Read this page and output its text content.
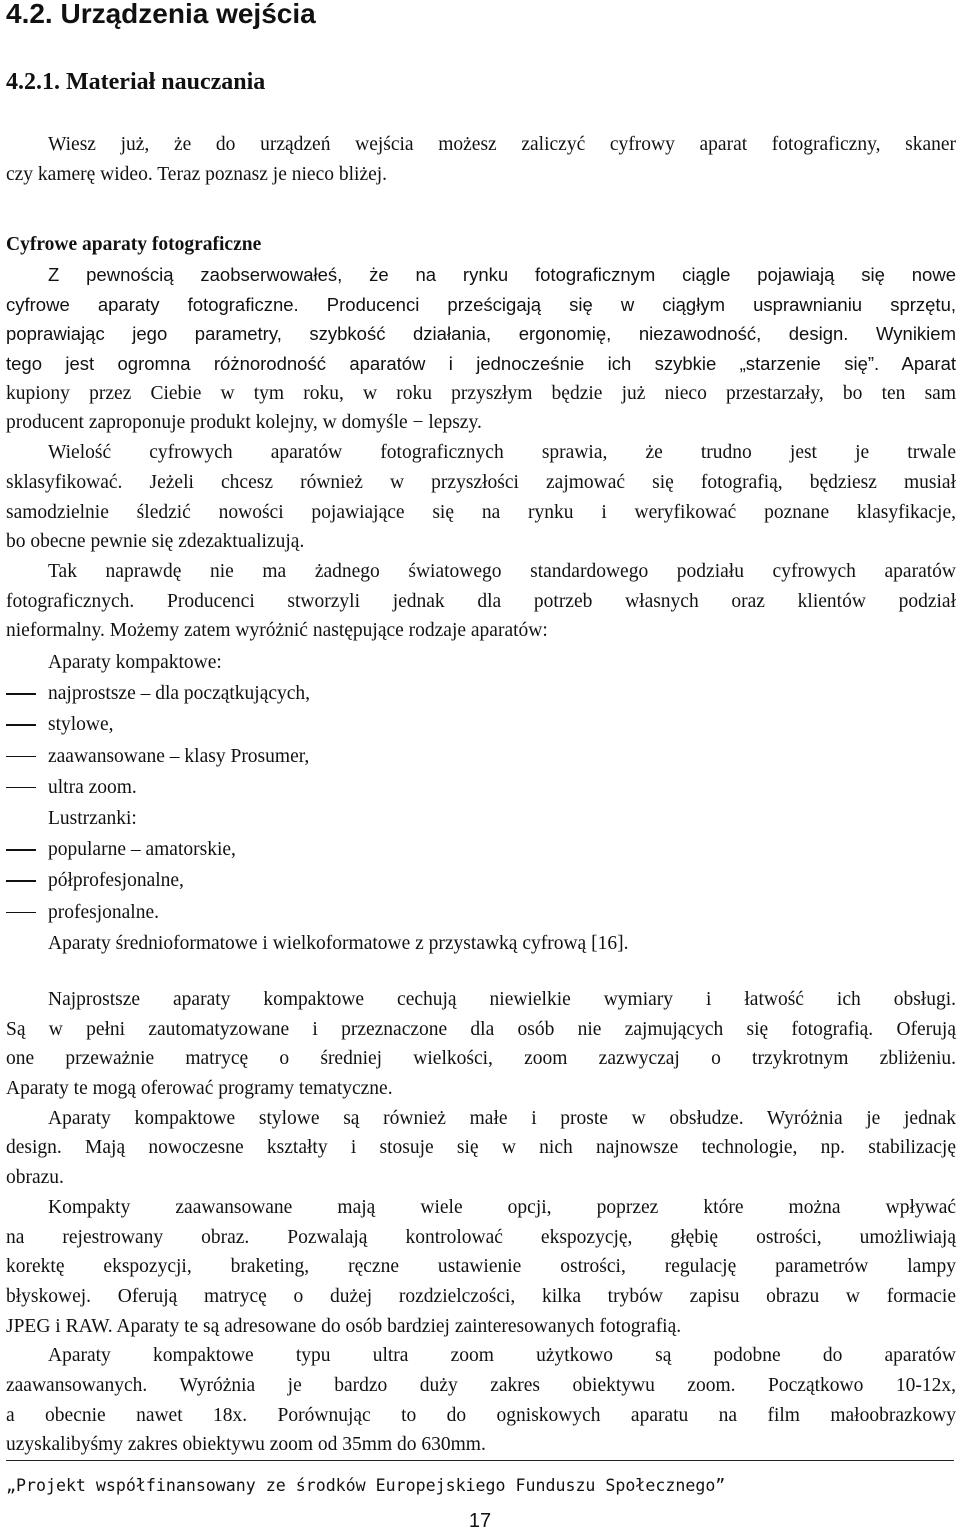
4.2. Urządzenia wejścia
4.2.1. Materiał nauczania
Wiesz już, że do urządzeń wejścia możesz zaliczyć cyfrowy aparat fotograficzny, skaner
czy kamerę wideo. Teraz poznasz je nieco bliżej.
Cyfrowe aparaty fotograficzne
Z pewnością zaobserwowałeś, że na rynku fotograficznym ciągle pojawiają się nowe
cyfrowe aparaty fotograficzne. Producenci prześcigają się w ciągłym usprawnianiu sprzętu,
poprawiając jego parametry, szybkość działania, ergonomię, niezawodność, design. Wynikiem
tego jest ogromna różnorodność aparatów i jednocześnie ich szybkie „starzenie się”. Aparat
kupiony przez Ciebie w tym roku, w roku przyszłym będzie już nieco przestarzały, bo ten sam
producent zaproponuje produkt kolejny, w domyśle − lepszy.
Wielość cyfrowych aparatów fotograficznych sprawia, że trudno jest je trwale
sklasyfikować. Jeżeli chcesz również w przyszłości zajmować się fotografią, będziesz musiał
samodzielnie śledzić nowości pojawiające się na rynku i weryfikować poznane klasyfikacje,
bo obecne pewnie się zdezaktualizują.
Tak naprawdę nie ma żadnego światowego standardowego podziału cyfrowych aparatów
fotograficznych. Producenci stworzyli jednak dla potrzeb własnych oraz klientów podział
nieformalny. Możemy zatem wyróżnić następujące rodzaje aparatów:
Aparaty kompaktowe:
najprostsze – dla początkujących,
stylowe,
zaawansowane – klasy Prosumer,
ultra zoom.
Lustrzanki:
popularne – amatorskie,
półprofesjonalne,
profesjonalne.
Aparaty średnioformatowe i wielkoformatowe z przystawką cyfrową [16].
Najprostsze aparaty kompaktowe cechują niewielkie wymiary i łatwość ich obsługi.
Są w pełni zautomatyzowane i przeznaczone dla osób nie zajmujących się fotografią. Oferują
one przeważnie matrycę o średniej wielkości, zoom zazwyczaj o trzykrotnym zbliżeniu.
Aparaty te mogą oferować programy tematyczne.
Aparaty kompaktowe stylowe są również małe i proste w obsłudze. Wyróżnia je jednak
design. Mają nowoczesne kształty i stosuje się w nich najnowsze technologie, np. stabilizację
obrazu.
Kompakty zaawansowane mają wiele opcji, poprzez które można wpływać
na rejestrowany obraz. Pozwalają kontrolować ekspozycję, głębię ostrości, umożliwiają
korektę ekspozycji, braketing, ręczne ustawienie ostrości, regulację parametrów lampy
błyskowej. Oferują matrycę o dużej rozdzielczości, kilka trybów zapisu obrazu w formacie
JPEG i RAW. Aparaty te są adresowane do osób bardziej zainteresowanych fotografią.
Aparaty kompaktowe typu ultra zoom użytkowo są podobne do aparatów
zaawansowanych. Wyróżnia je bardzo duży zakres obiektywu zoom. Początkowo 10-12x,
a obecnie nawet 18x. Porównując to do ogniskowych aparatu na film małoobrazkowy
uzyskalibyśmy zakres obiektywu zoom od 35mm do 630mm.
„Projekt współfinansowany ze środków Europejskiego Funduszu Społecznego”
17
